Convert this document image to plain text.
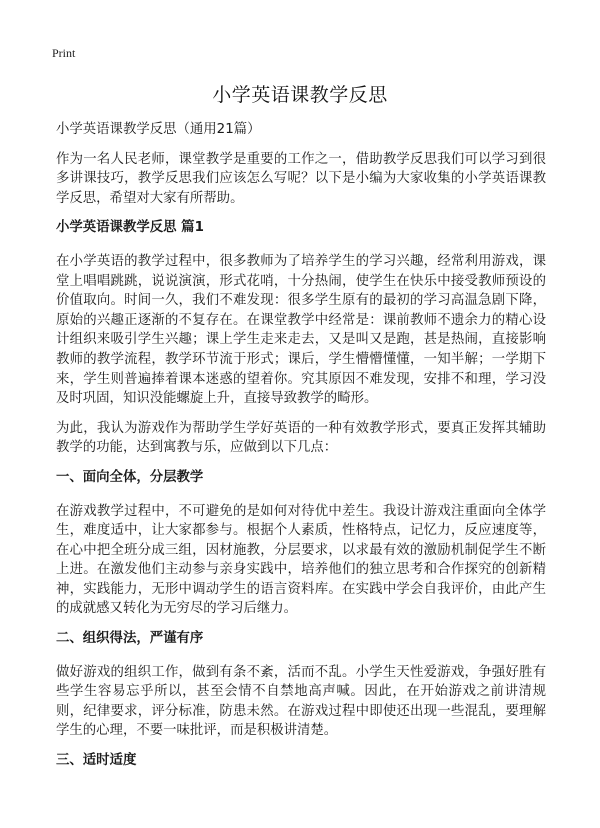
Print
小学英语课教学反思

小学英语课教学反思（通用21篇）

作为一名人民老师，课堂教学是重要的工作之一，借助教学反思我们可以学习到很多讲课技巧，教学反思我们应该怎么写呢？以下是小编为大家收集的小学英语课教学反思，希望对大家有所帮助。

小学英语课教学反思 篇1

在小学英语的教学过程中，很多教师为了培养学生的学习兴趣，经常利用游戏，课堂上唱唱跳跳，说说演演，形式花哨，十分热闹，使学生在快乐中接受教师预设的价值取向。时间一久，我们不难发现：很多学生原有的最初的学习高温急剧下降，原始的兴趣正逐渐的不复存在。在课堂教学中经常是：课前教师不遗余力的精心设计组织来吸引学生兴趣；课上学生走来走去，又是叫又是跑，甚是热闹，直接影响教师的教学流程，教学环节流于形式；课后，学生懵懵懂懂，一知半解；一学期下来，学生则普遍捧着课本迷惑的望着你。究其原因不难发现，安排不和理，学习没及时巩固，知识没能螺旋上升，直接导致教学的畸形。

为此，我认为游戏作为帮助学生学好英语的一种有效教学形式，要真正发挥其辅助教学的功能，达到寓教与乐，应做到以下几点：

一、面向全体，分层教学

在游戏教学过程中，不可避免的是如何对待优中差生。我设计游戏注重面向全体学生，难度适中，让大家都参与。根据个人素质，性格特点，记忆力，反应速度等，在心中把全班分成三组，因材施教，分层要求，以求最有效的激励机制促学生不断上进。在激发他们主动参与亲身实践中，培养他们的独立思考和合作探究的创新精神，实践能力，无形中调动学生的语言资料库。在实践中学会自我评价，由此产生的成就感又转化为无穷尽的学习后继力。

二、组织得法，严谨有序

做好游戏的组织工作，做到有条不紊，活而不乱。小学生天性爱游戏，争强好胜有些学生容易忘乎所以，甚至会情不自禁地高声喊。因此，在开始游戏之前讲清规则，纪律要求，评分标准，防患未然。在游戏过程中即使还出现一些混乱，要理解学生的心理，不要一味批评，而是积极讲清楚。

三、适时适度
